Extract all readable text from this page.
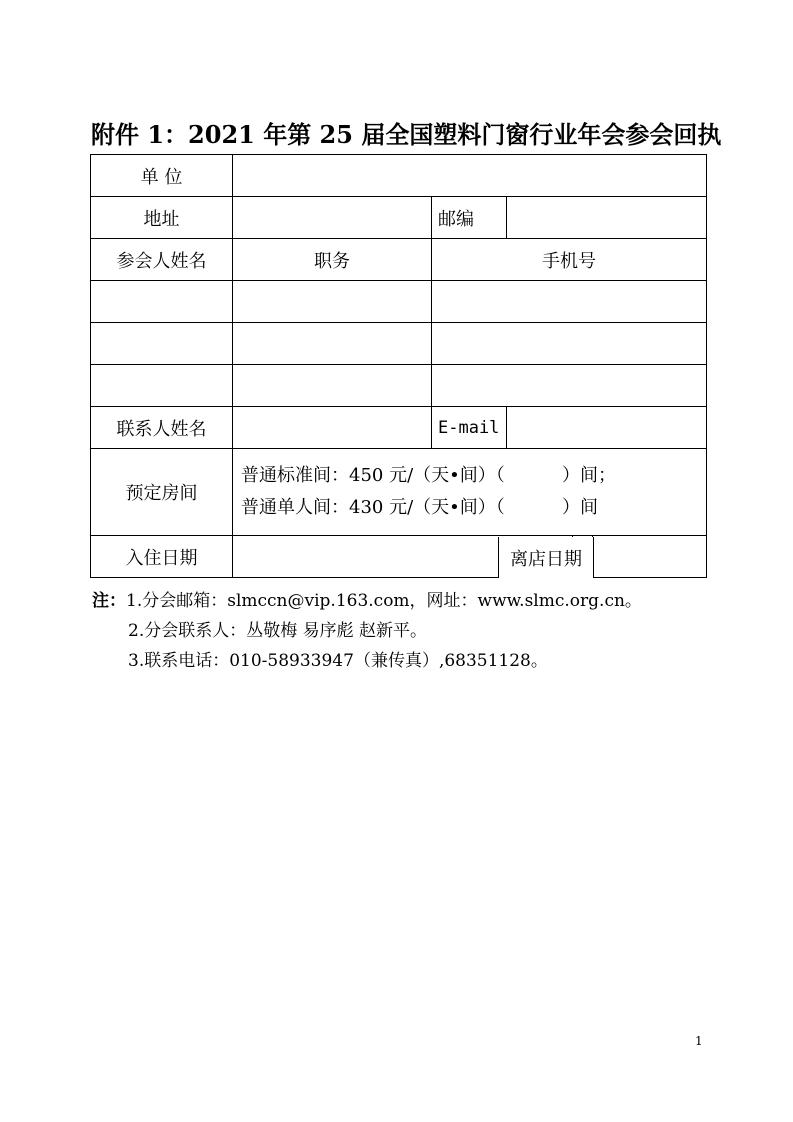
附件 1：2021 年第 25 届全国塑料门窗行业年会参会回执
单 位					
地址		邮编			
参会人姓名	职务	手机号			

联系人姓名		E-mail			
预定房间	普通标准间：450 元/（天•间）（          ）间；
普通单人间：430 元/（天•间）（          ）间				

入住日期						离店日期
注：1.分会邮箱：slmccn@vip.163.com，网址：www.slmc.org.cn。
2.分会联系人：丛敬梅 易序彪 赵新平。
3.联系电话：010-58933947（兼传真）,68351128。
1
